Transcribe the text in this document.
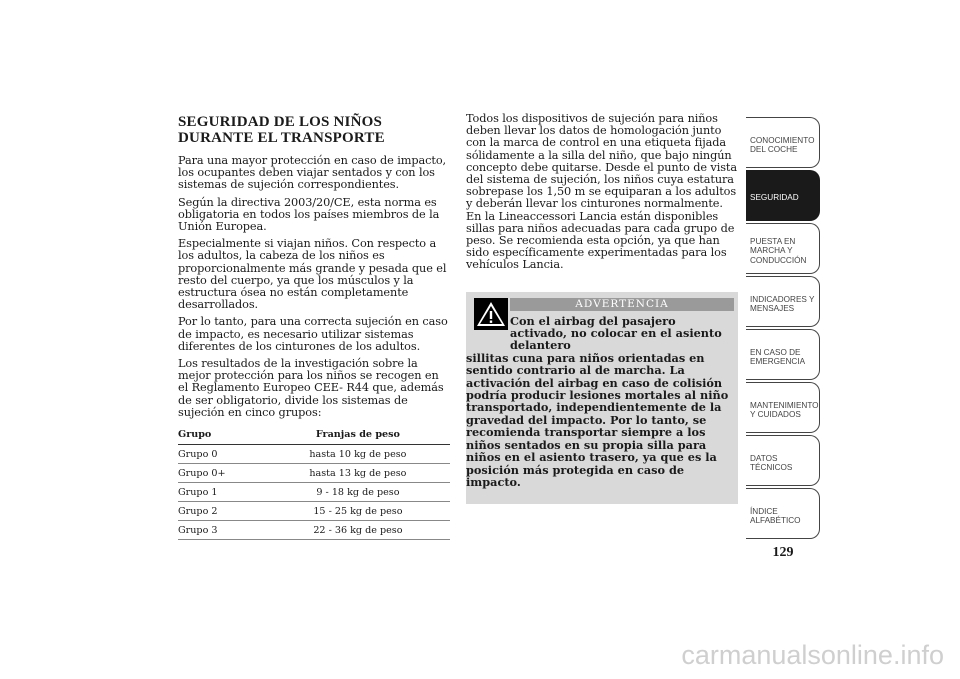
SEGURIDAD DE LOS NIÑOS
DURANTE EL TRANSPORTE

Para una mayor protección en caso de impacto, los ocupantes deben viajar sentados y con los sistemas de sujeción correspondientes.

Según la directiva 2003/20/CE, esta norma es obligatoria en todos los países miembros de la Unión Europea.

Especialmente si viajan niños. Con respecto a los adultos, la cabeza de los niños es proporcionalmente más grande y pesada que el resto del cuerpo, ya que los músculos y la estructura ósea no están completamente desarrollados.

Por lo tanto, para una correcta sujeción en caso de impacto, es necesario utilizar sistemas diferentes de los cinturones de los adultos.

Los resultados de la investigación sobre la mejor protección para los niños se recogen en el Reglamento Europeo CEE- R44 que, además de ser obligatorio, divide los sistemas de sujeción en cinco grupos:

Grupo	Franjas de peso
Grupo 0	hasta 10 kg de peso
Grupo 0+	hasta 13 kg de peso
Grupo 1	9 - 18 kg de peso
Grupo 2	15 - 25 kg de peso
Grupo 3	22 - 36 kg de peso

Todos los dispositivos de sujeción para niños deben llevar los datos de homologación junto con la marca de control en una etiqueta fijada sólidamente a la silla del niño, que bajo ningún concepto debe quitarse. Desde el punto de vista del sistema de sujeción, los niños cuya estatura sobrepase los 1,50 m se equiparan a los adultos y deberán llevar los cinturones normalmente. En la Lineaccessori Lancia están disponibles sillas para niños adecuadas para cada grupo de peso. Se recomienda esta opción, ya que han sido específicamente experimentadas para los vehículos Lancia.

ADVERTENCIA
Con el airbag del pasajero activado, no colocar en el asiento delantero
sillitas cuna para niños orientadas en sentido contrario al de marcha. La activación del airbag en caso de colisión podría producir lesiones mortales al niño transportado, independientemente de la gravedad del impacto. Por lo tanto, se recomienda transportar siempre a los niños sentados en su propia silla para niños en el asiento trasero, ya que es la posición más protegida en caso de impacto.
CONOCIMIENTO DEL COCHE
SEGURIDAD
PUESTA EN MARCHA Y CONDUCCIÓN
INDICADORES Y MENSAJES
EN CASO DE EMERGENCIA
MANTENIMIENTO Y CUIDADOS
DATOS TÉCNICOS
ÍNDICE ALFABÉTICO
129
carmanualsonline.info
